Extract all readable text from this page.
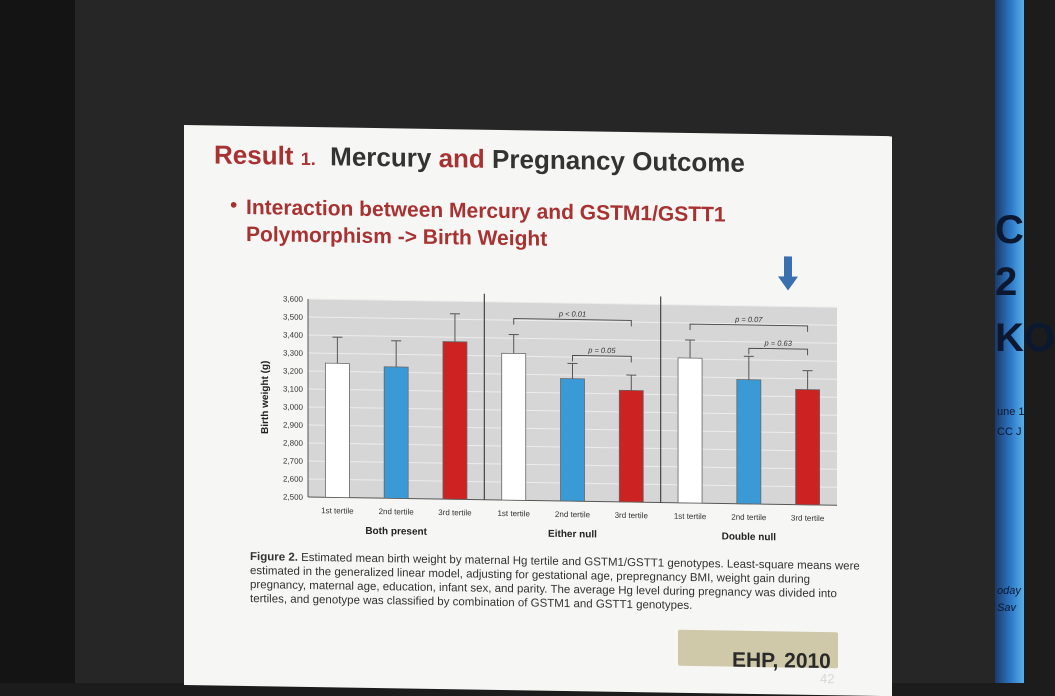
C
2
KO
une 1
CC J
oday
Sav
Result 1. Mercury and Pregnancy Outcome
• Interaction between Mercury and GSTM1/GSTT1
Polymorphism -> Birth Weight
2,500
2,600
2,700
2,800
2,900
3,000
3,100
3,200
3,300
3,400
3,500
3,600
Birth weight (g)
1st tertile	2nd tertile	3rd tertile
Both present
1st tertile	2nd tertile	3rd tertile
Either null
1st tertile	2nd tertile	3rd tertile
Double null
p < 0.01
p = 0.05
p = 0.07
p = 0.63
Figure 2. Estimated mean birth weight by maternal Hg tertile and GSTM1/GSTT1 genotypes. Least-square means were estimated in the generalized linear model, adjusting for gestational age, prepregnancy BMI, weight gain during pregnancy, maternal age, education, infant sex, and parity. The average Hg level during pregnancy was divided into tertiles, and genotype was classified by combination of GSTM1 and GSTT1 genotypes.
EHP, 2010
42
